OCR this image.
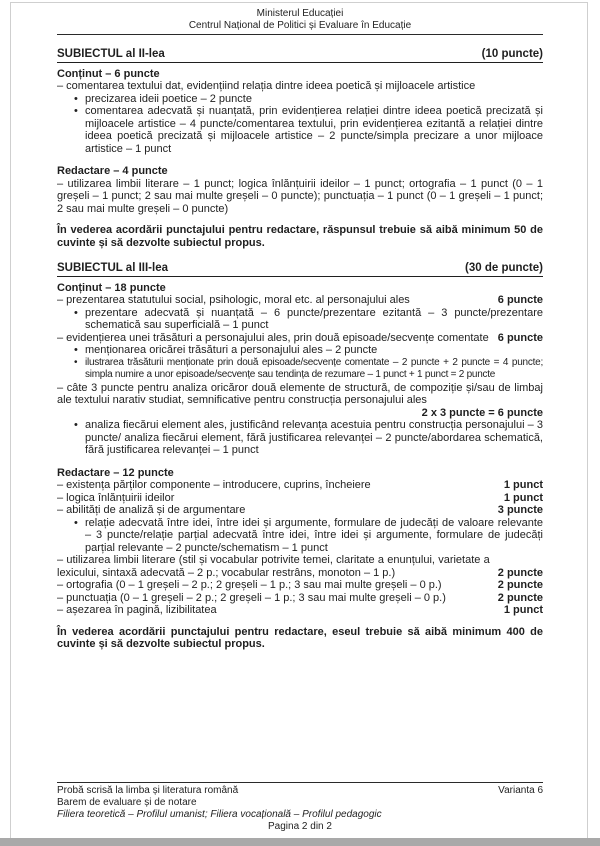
Ministerul Educației
Centrul Național de Politici și Evaluare în Educație
SUBIECTUL al II-lea	(10 puncte)
Conținut – 6 puncte
– comentarea textului dat, evidențiind relația dintre ideea poetică și mijloacele artistice
• precizarea ideii poetice – 2 puncte
• comentarea adecvată și nuanțată, prin evidențierea relației dintre ideea poetică precizată și mijloacele artistice – 4 puncte/comentarea textului, prin evidențierea ezitantă a relației dintre ideea poetică precizată și mijloacele artistice – 2 puncte/simpla precizare a unor mijloace artistice – 1 punct
Redactare – 4 puncte
– utilizarea limbii literare – 1 punct; logica înlănțuirii ideilor – 1 punct; ortografia – 1 punct (0 – 1 greșeli – 1 punct; 2 sau mai multe greșeli – 0 puncte); punctuația – 1 punct (0 – 1 greșeli – 1 punct; 2 sau mai multe greșeli – 0 puncte)
În vederea acordării punctajului pentru redactare, răspunsul trebuie să aibă minimum 50 de cuvinte și să dezvolte subiectul propus.
SUBIECTUL al III-lea	(30 de puncte)
Conținut – 18 puncte
– prezentarea statutului social, psihologic, moral etc. al personajului ales	6 puncte
• prezentare adecvată și nuanțată – 6 puncte/prezentare ezitantă – 3 puncte/prezentare schematică sau superficială – 1 punct
– evidențierea unei trăsături a personajului ales, prin două episoade/secvențe comentate 6 puncte
• menționarea oricărei trăsături a personajului ales – 2 puncte
• ilustrarea trăsăturii menționate prin două episoade/secvențe comentate – 2 puncte + 2 puncte = 4 puncte; simpla numire a unor episoade/secvențe sau tendința de rezumare – 1 punct + 1 punct = 2 puncte
– câte 3 puncte pentru analiza oricăror două elemente de structură, de compoziție și/sau de limbaj ale textului narativ studiat, semnificative pentru construcția personajului ales
2 x 3 puncte = 6 puncte
• analiza fiecărui element ales, justificând relevanța acestuia pentru construcția personajului – 3 puncte/ analiza fiecărui element, fără justificarea relevanței – 2 puncte/abordarea schematică, fără justificarea relevanței – 1 punct
Redactare – 12 puncte
– existența părților componente – introducere, cuprins, încheiere	1 punct
– logica înlănțuirii ideilor	1 punct
– abilități de analiză și de argumentare	3 puncte
• relație adecvată între idei, între idei și argumente, formulare de judecăți de valoare relevante – 3 puncte/relație parțial adecvată între idei, între idei și argumente, formulare de judecăți parțial relevante – 2 puncte/schematism – 1 punct
– utilizarea limbii literare (stil și vocabular potrivite temei, claritate a enunțului, varietate a lexicului, sintaxă adecvată – 2 p.; vocabular restrâns, monoton – 1 p.)	2 puncte
– ortografia (0 – 1 greșeli – 2 p.; 2 greșeli – 1 p.; 3 sau mai multe greșeli – 0 p.)	2 puncte
– punctuația (0 – 1 greșeli – 2 p.; 2 greșeli – 1 p.; 3 sau mai multe greșeli – 0 p.)	2 puncte
– așezarea în pagină, lizibilitatea	1 punct
În vederea acordării punctajului pentru redactare, eseul trebuie să aibă minimum 400 de cuvinte și să dezvolte subiectul propus.
Probă scrisă la limba și literatura română	Varianta 6
Barem de evaluare și de notare
Filiera teoretică – Profilul umanist; Filiera vocațională – Profilul pedagogic
Pagina 2 din 2
